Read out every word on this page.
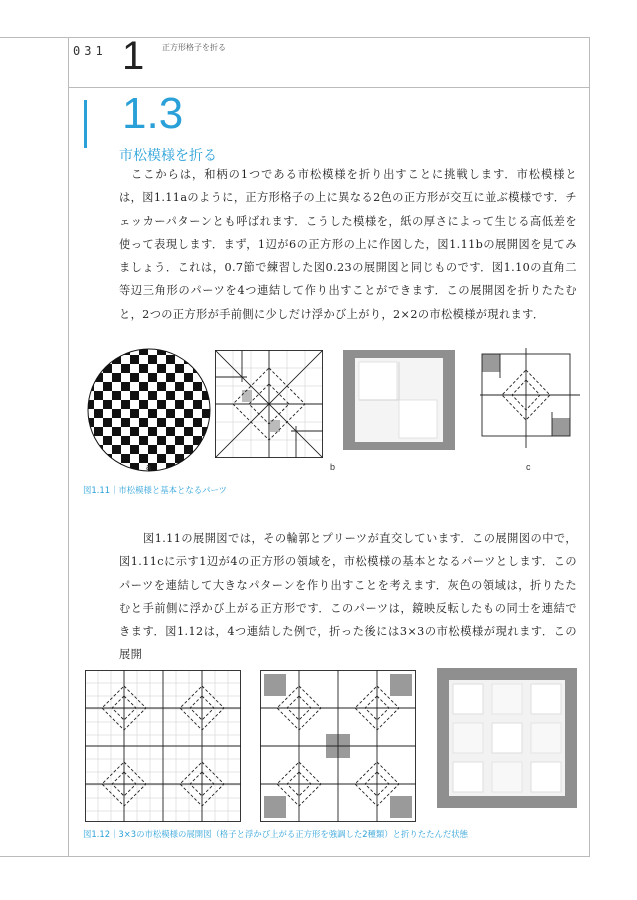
031 1 正方形格子を折る
1.3
市松模様を折る
ここからは，和柄の1つである市松模様を折り出すことに挑戦します．市松模様とは，図1.11aのように，正方形格子の上に異なる2色の正方形が交互に並ぶ模様です．チェッカーパターンとも呼ばれます．こうした模様を，紙の厚さによって生じる高低差を使って表現します．まず，1辺が6の正方形の上に作図した，図1.11bの展開図を見てみましょう．これは，0.7節で練習した図0.23の展開図と同じものです．図1.10の直角二等辺三角形のパーツを4つ連結して作り出すことができます．この展開図を折りたたむと，2つの正方形が手前側に少しだけ浮かび上がり，2×2の市松模様が現れます．
a	b	c
図1.11｜市松模様と基本となるパーツ
図1.11の展開図では，その輪郭とプリーツが直交しています．この展開図の中で，図1.11cに示す1辺が4の正方形の領域を，市松模様の基本となるパーツとします．このパーツを連結して大きなパターンを作り出すことを考えます．灰色の領域は，折りたたむと手前側に浮かび上がる正方形です．このパーツは，鏡映反転したもの同士を連結できます．図1.12は，4つ連結した例で，折った後には3×3の市松模様が現れます．この展開
図1.12｜3×3の市松模様の展開図（格子と浮かび上がる正方形を強調した2種類）と折りたたんだ状態
